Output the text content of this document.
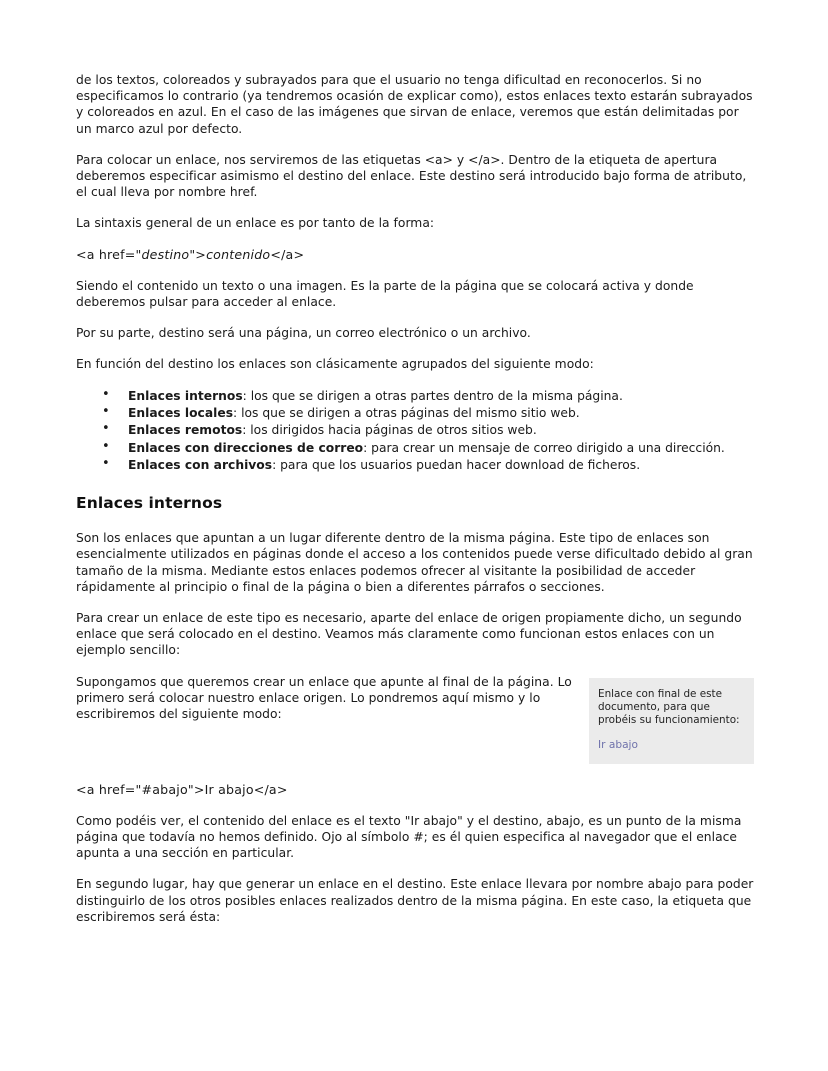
de los textos, coloreados y subrayados para que el usuario no tenga dificultad en reconocerlos. Si no especificamos lo contrario (ya tendremos ocasión de explicar como), estos enlaces texto estarán subrayados y coloreados en azul. En el caso de las imágenes que sirvan de enlace, veremos que están delimitadas por un marco azul por defecto.

Para colocar un enlace, nos serviremos de las etiquetas <a> y </a>. Dentro de la etiqueta de apertura deberemos especificar asimismo el destino del enlace. Este destino será introducido bajo forma de atributo, el cual lleva por nombre href.

La sintaxis general de un enlace es por tanto de la forma:

<a href="destino">contenido</a>

Siendo el contenido un texto o una imagen. Es la parte de la página que se colocará activa y donde deberemos pulsar para acceder al enlace.

Por su parte, destino será una página, un correo electrónico o un archivo.

En función del destino los enlaces son clásicamente agrupados del siguiente modo:

• Enlaces internos: los que se dirigen a otras partes dentro de la misma página.
• Enlaces locales: los que se dirigen a otras páginas del mismo sitio web.
• Enlaces remotos: los dirigidos hacia páginas de otros sitios web.
• Enlaces con direcciones de correo: para crear un mensaje de correo dirigido a una dirección.
• Enlaces con archivos: para que los usuarios puedan hacer download de ficheros.
Enlaces internos

Son los enlaces que apuntan a un lugar diferente dentro de la misma página. Este tipo de enlaces son esencialmente utilizados en páginas donde el acceso a los contenidos puede verse dificultado debido al gran tamaño de la misma. Mediante estos enlaces podemos ofrecer al visitante la posibilidad de acceder rápidamente al principio o final de la página o bien a diferentes párrafos o secciones.

Para crear un enlace de este tipo es necesario, aparte del enlace de origen propiamente dicho, un segundo enlace que será colocado en el destino. Veamos más claramente como funcionan estos enlaces con un ejemplo sencillo:

Supongamos que queremos crear un enlace que apunte al final de la página. Lo primero será colocar nuestro enlace origen. Lo pondremos aquí mismo y lo escribiremos del siguiente modo:

Enlace con final de este documento, para que probéis su funcionamiento:

Ir abajo

<a href="#abajo">Ir abajo</a>

Como podéis ver, el contenido del enlace es el texto "Ir abajo" y el destino, abajo, es un punto de la misma página que todavía no hemos definido. Ojo al símbolo #; es él quien especifica al navegador que el enlace apunta a una sección en particular.

En segundo lugar, hay que generar un enlace en el destino. Este enlace llevara por nombre abajo para poder distinguirlo de los otros posibles enlaces realizados dentro de la misma página. En este caso, la etiqueta que escribiremos será ésta:
